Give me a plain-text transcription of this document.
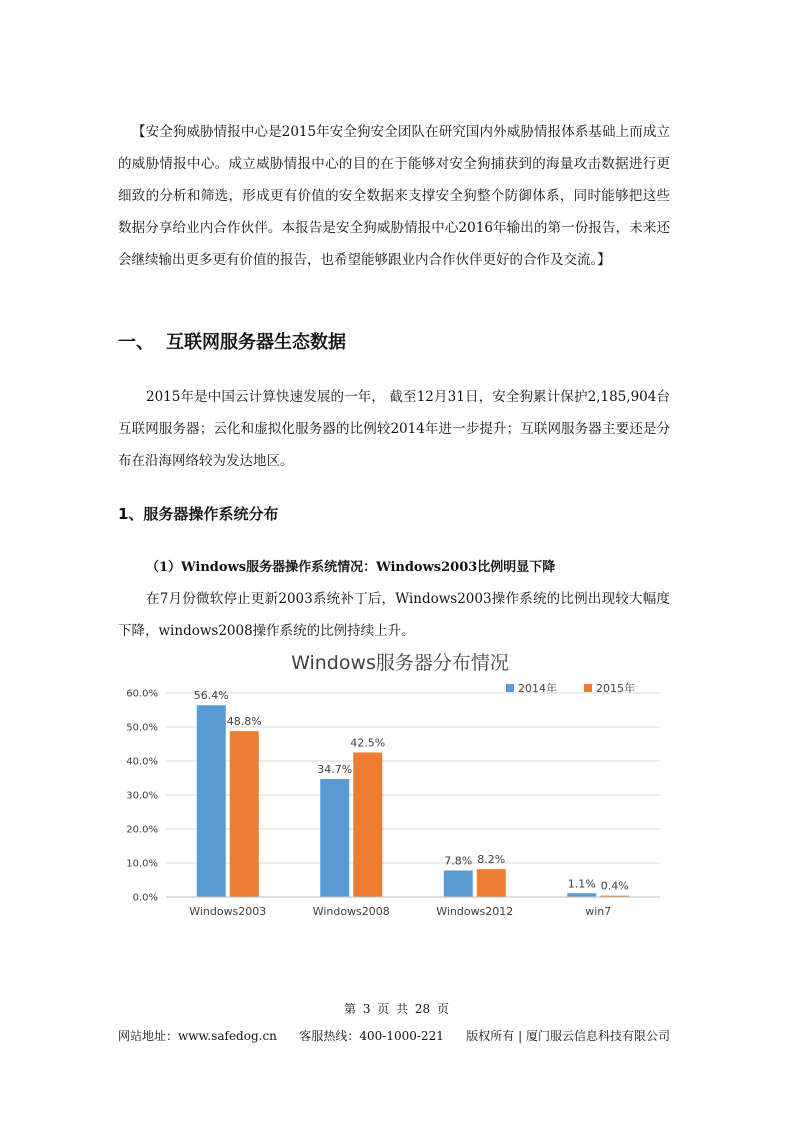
【安全狗威胁情报中心是2015年安全狗安全团队在研究国内外威胁情报体系基础上而成立的威胁情报中心。成立威胁情报中心的目的在于能够对安全狗捕获到的海量攻击数据进行更细致的分析和筛选，形成更有价值的安全数据来支撑安全狗整个防御体系，同时能够把这些数据分享给业内合作伙伴。本报告是安全狗威胁情报中心2016年输出的第一份报告，未来还会继续输出更多更有价值的报告，也希望能够跟业内合作伙伴更好的合作及交流。】
一、 互联网服务器生态数据
2015年是中国云计算快速发展的一年， 截至12月31日，安全狗累计保护2,185,904台互联网服务器；云化和虚拟化服务器的比例较2014年进一步提升；互联网服务器主要还是分布在沿海网络较为发达地区。
1、服务器操作系统分布
（1）Windows服务器操作系统情况：Windows2003比例明显下降
在7月份微软停止更新2003系统补丁后，Windows2003操作系统的比例出现较大幅度下降，windows2008操作系统的比例持续上升。
Windows服务器分布情况
2014年	2015年
0.0%
10.0%
20.0%
30.0%
40.0%
50.0%
60.0%	56.4%
48.8%
34.7%
42.5%
7.8% 8.2%
1.1% 0.4%
Windows2003	Windows2008	Windows2012	win7
第 3 页 共 28 页
网站地址：www.safedog.cn 客服热线：400-1000-221 版权所有 | 厦门服云信息科技有限公司
